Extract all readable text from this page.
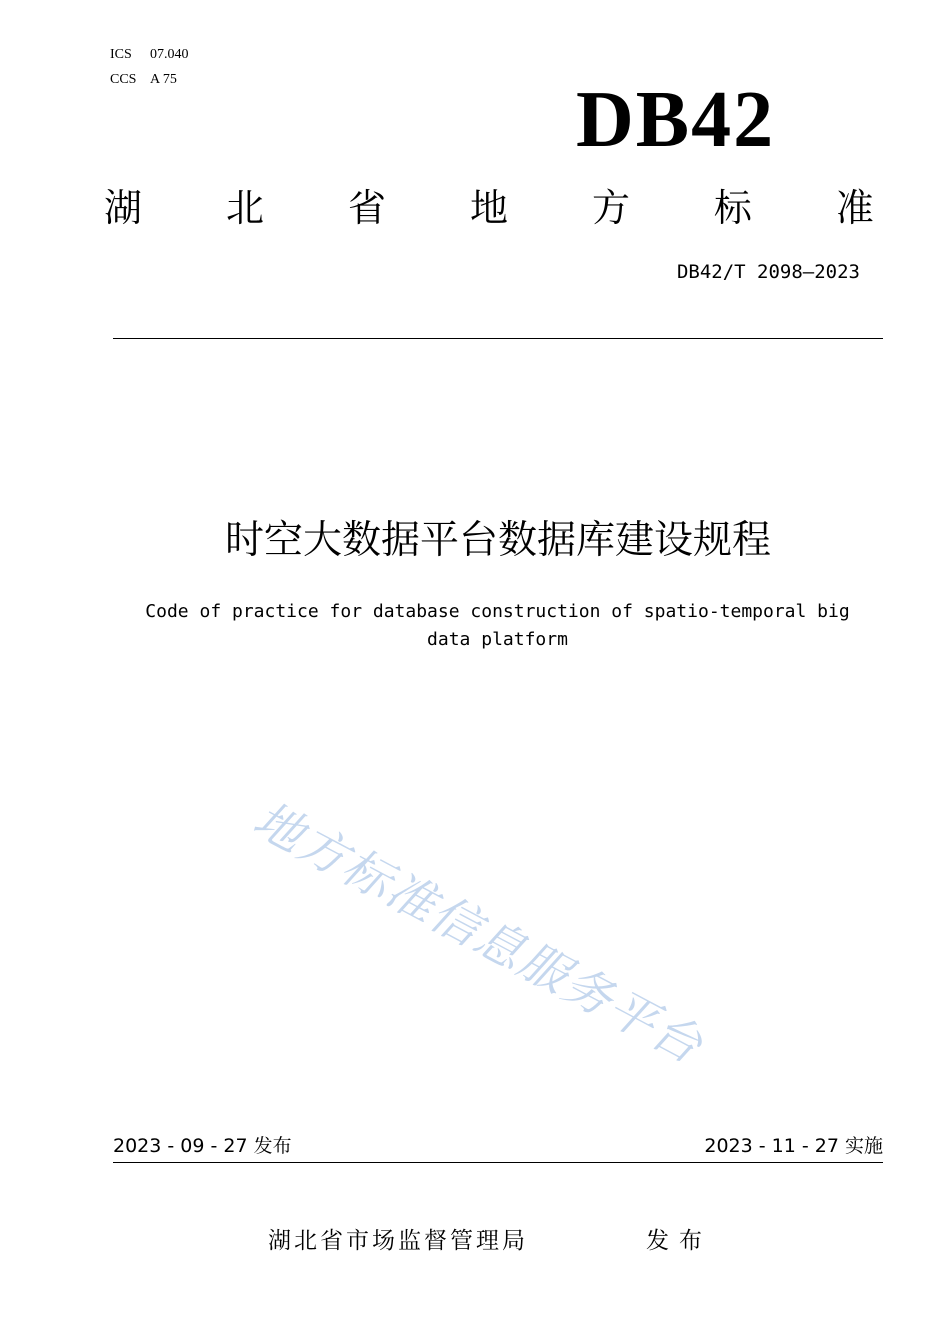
ICS 07.040
CCS A 75	DB42
湖 北 省 地 方 标 准
DB42/T 2098—2023
时空大数据平台数据库建设规程
Code of practice for database construction of spatio-temporal big data platform
地方标准信息服务平台
2023 - 09 - 27 发布	2023 - 11 - 27 实施
湖北省市场监督管理局	发布
